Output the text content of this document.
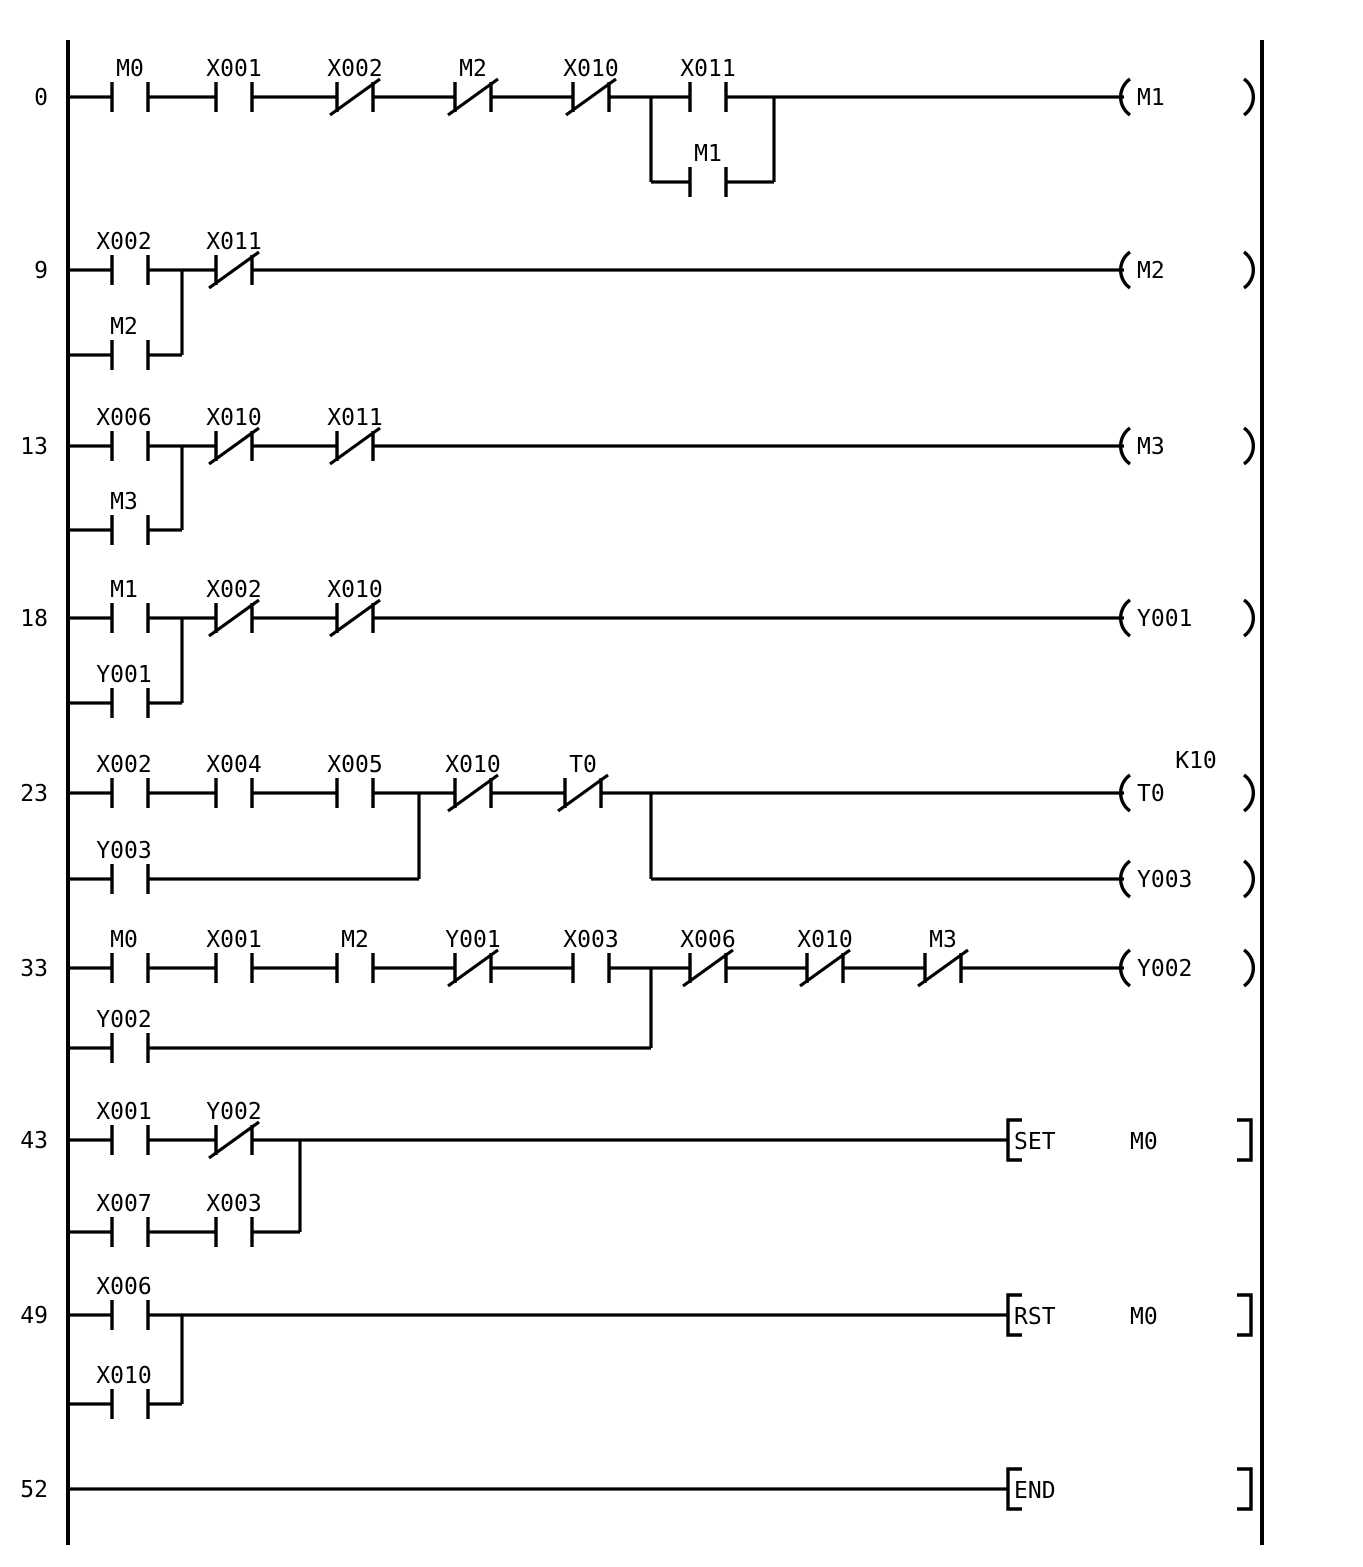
0
M0	X001	X002	M2	X010	X011
M1
M1
9
X002 X011
M2
M2
13
X006 X010	X011
M3
M3
18
M1	X002	X010
Y001
Y001
23
X002 X004	X005	X010	T0
Y003
K10
T0
Y003
33
M0	X001	M2	Y001	X003	X006	X010	M3
Y002
Y002
43
X001 Y002
X007 X003
SET	M0
49
X006
X010
RST	M0
52	END
